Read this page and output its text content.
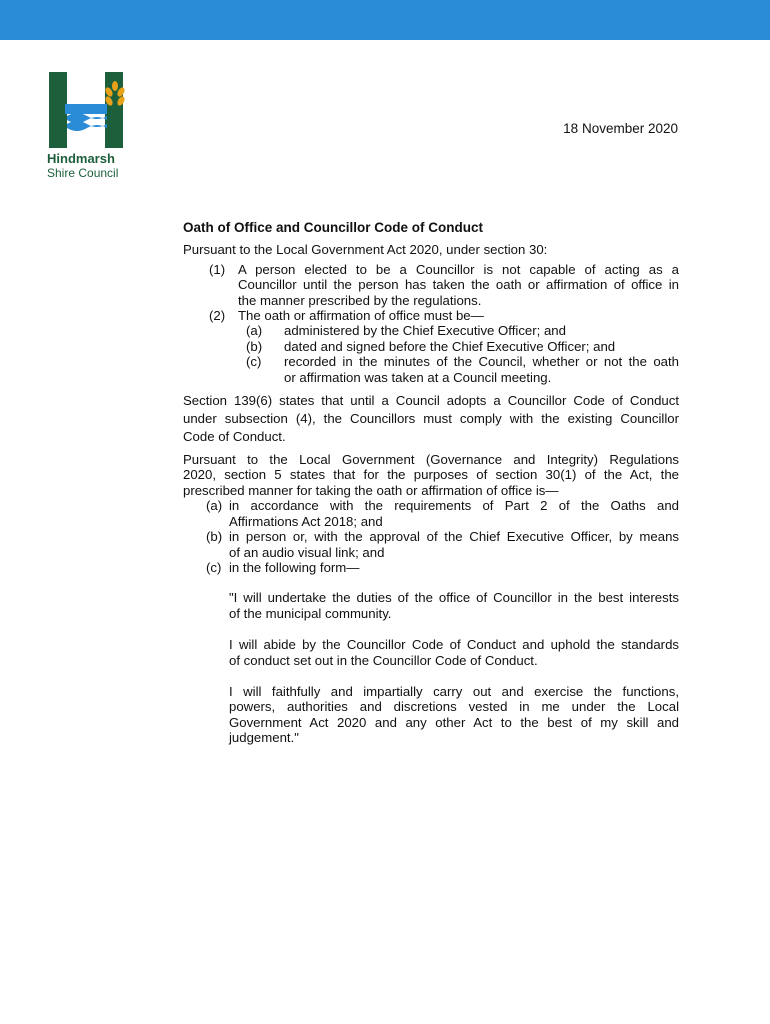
Hindmarsh
Shire Council
18 November 2020
Oath of Office and Councillor Code of Conduct
Pursuant to the Local Government Act 2020, under section 30:
(1) A person elected to be a Councillor is not capable of acting as a
Councillor until the person has taken the oath or affirmation of office in
the manner prescribed by the regulations.
(2) The oath or affirmation of office must be—
(a)	administered by the Chief Executive Officer; and
(b)	dated and signed before the Chief Executive Officer; and
(c)	recorded in the minutes of the Council, whether or not the oath
or affirmation was taken at a Council meeting.
Section 139(6) states that until a Council adopts a Councillor Code of Conduct
under subsection (4), the Councillors must comply with the existing Councillor
Code of Conduct.
Pursuant to the Local Government (Governance and Integrity) Regulations
2020, section 5 states that for the purposes of section 30(1) of the Act, the
prescribed manner for taking the oath or affirmation of office is—
(a) in accordance with the requirements of Part 2 of the Oaths and
Affirmations Act 2018; and
(b) in person or, with the approval of the Chief Executive Officer, by means
of an audio visual link; and
(c) in the following form—
"I will undertake the duties of the office of Councillor in the best interests
of the municipal community.
I will abide by the Councillor Code of Conduct and uphold the standards
of conduct set out in the Councillor Code of Conduct.
I will faithfully and impartially carry out and exercise the functions,
powers, authorities and discretions vested in me under the Local
Government Act 2020 and any other Act to the best of my skill and
judgement."
